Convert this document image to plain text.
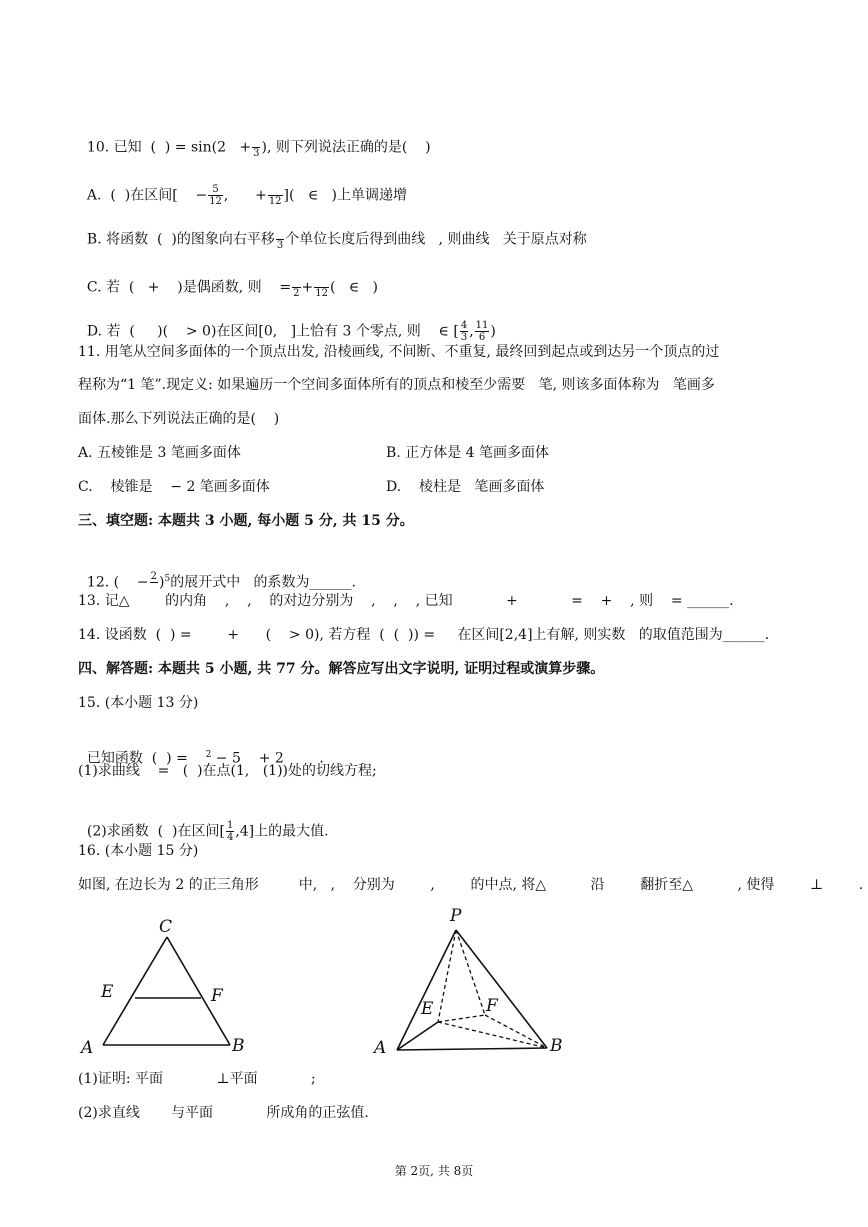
10. 已知  (  ) = sin(2   +
3 ), 则下列说法正确的是(    )

A.  (  )在区间[    − $\frac{5}{12}$ ,      +
12 ](   ∈   )上单调递增

B. 将函数  (  )的图象向右平移
3 个单位长度后得到曲线   , 则曲线   关于原点对称

C. 若  (   +    )是偶函数, 则    =
2 +
12 (   ∈   )

D. 若  (     )(    > 0)在区间[0,   ]上恰有 3 个零点, 则    ∈ [ $\frac{4}{3}$ , $\frac{11}{6}$ )

11. 用笔从空间多面体的一个顶点出发, 沿棱画线, 不间断、不重复, 最终回到起点或到达另一个顶点的过
程称为“1 笔”.现定义: 如果遍历一个空间多面体所有的顶点和棱至少需要   笔, 则该多面体称为   笔画多
面体.那么下列说法正确的是(    )
A. 五棱锥是 3 笔画多面体	B. 正方体是 4 笔画多面体
C.    棱锥是    − 2 笔画多面体	D.    棱柱是   笔画多面体
三、填空题: 本题共 3 小题, 每小题 5 分, 共 15 分。

12. (    − 2
)$^5$的展开式中   的系数为______.

13. 记△        的内角    ,    ,    的对边分别为    ,    ,    , 已知            +            =    +    , 则    = ______.
14. 设函数  (  ) =        +      (    > 0), 若方程  (  (  )) =     在区间[2,4]上有解, 则实数   的取值范围为______.
四、解答题: 本题共 5 小题, 共 77 分。解答应写出文字说明, 证明过程或演算步骤。
15. (本小题 13 分)

已知函数  (  ) =    $^2$ − 5    + 2        .

(1)求曲线    =   (  )在点(1,   (1))处的切线方程;

(2)求函数  (  )在区间[ $\frac{1}{4} ,4$]上的最大值.

16. (本小题 15 分)
如图, 在边长为 2 的正三角形         中,   ,    分别为        ,        的中点, 将△          沿        翻折至△          , 使得        ⊥        .
C
E	F
A	B
P
E	F
A	B
(1)证明: 平面            ⊥平面            ;
(2)求直线       与平面            所成角的正弦值.
第 2页, 共 8页
